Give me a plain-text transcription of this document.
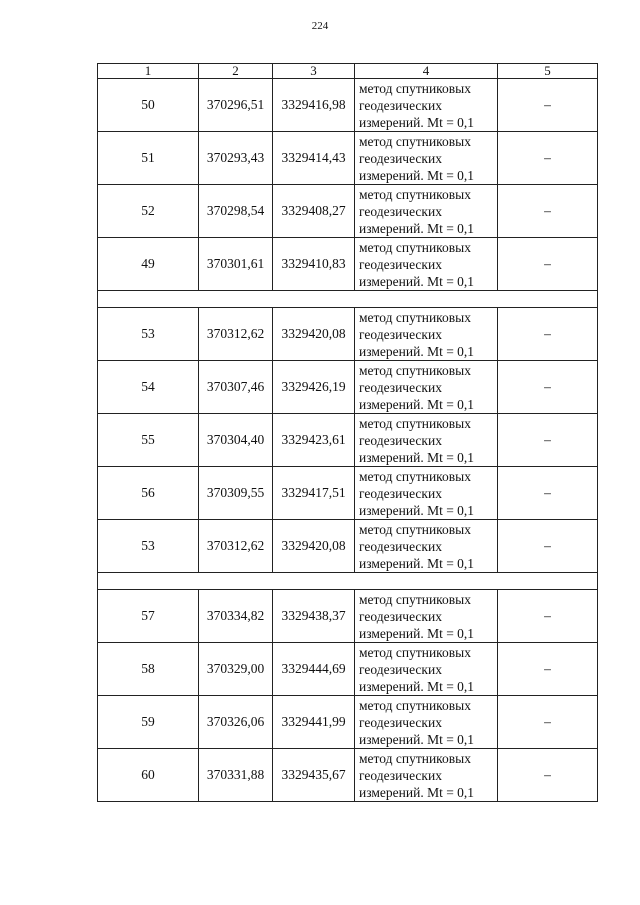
224
1	2	3	4	5
50	370296,51	3329416,98	метод спутниковых
геодезических
измерений. Mt = 0,1	–
51	370293,43	3329414,43	метод спутниковых
геодезических
измерений. Mt = 0,1	–
52	370298,54	3329408,27	метод спутниковых
геодезических
измерений. Mt = 0,1	–
49	370301,61	3329410,83	метод спутниковых
геодезических
измерений. Mt = 0,1	–

53	370312,62	3329420,08	метод спутниковых
геодезических
измерений. Mt = 0,1	–
54	370307,46	3329426,19	метод спутниковых
геодезических
измерений. Mt = 0,1	–
55	370304,40	3329423,61	метод спутниковых
геодезических
измерений. Mt = 0,1	–
56	370309,55	3329417,51	метод спутниковых
геодезических
измерений. Mt = 0,1	–
53	370312,62	3329420,08	метод спутниковых
геодезических
измерений. Mt = 0,1	–

57	370334,82	3329438,37	метод спутниковых
геодезических
измерений. Mt = 0,1	–
58	370329,00	3329444,69	метод спутниковых
геодезических
измерений. Mt = 0,1	–
59	370326,06	3329441,99	метод спутниковых
геодезических
измерений. Mt = 0,1	–
60	370331,88	3329435,67	метод спутниковых
геодезических
измерений. Mt = 0,1	–
